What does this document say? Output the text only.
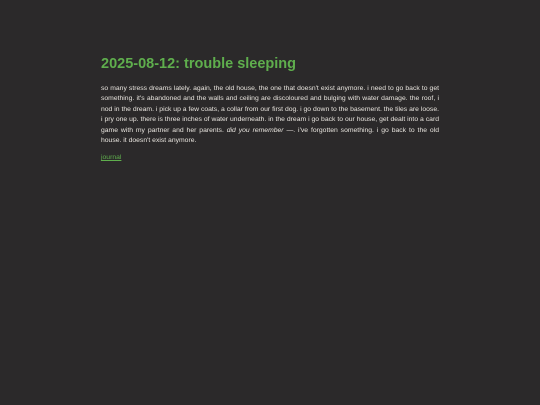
2025-08-12: trouble sleeping

so many stress dreams lately. again, the old house, the one that doesn't exist anymore. i need to go back to get something. it's abandoned and the walls and ceiling are discoloured and bulging with water damage. the roof, i nod in the dream. i pick up a few coats, a collar from our first dog. i go down to the basement. the tiles are loose. i pry one up. there is three inches of water underneath. in the dream i go back to our house, get dealt into a card game with my partner and her parents. did you remember —. i've forgotten something. i go back to the old house. it doesn't exist anymore.

journal
